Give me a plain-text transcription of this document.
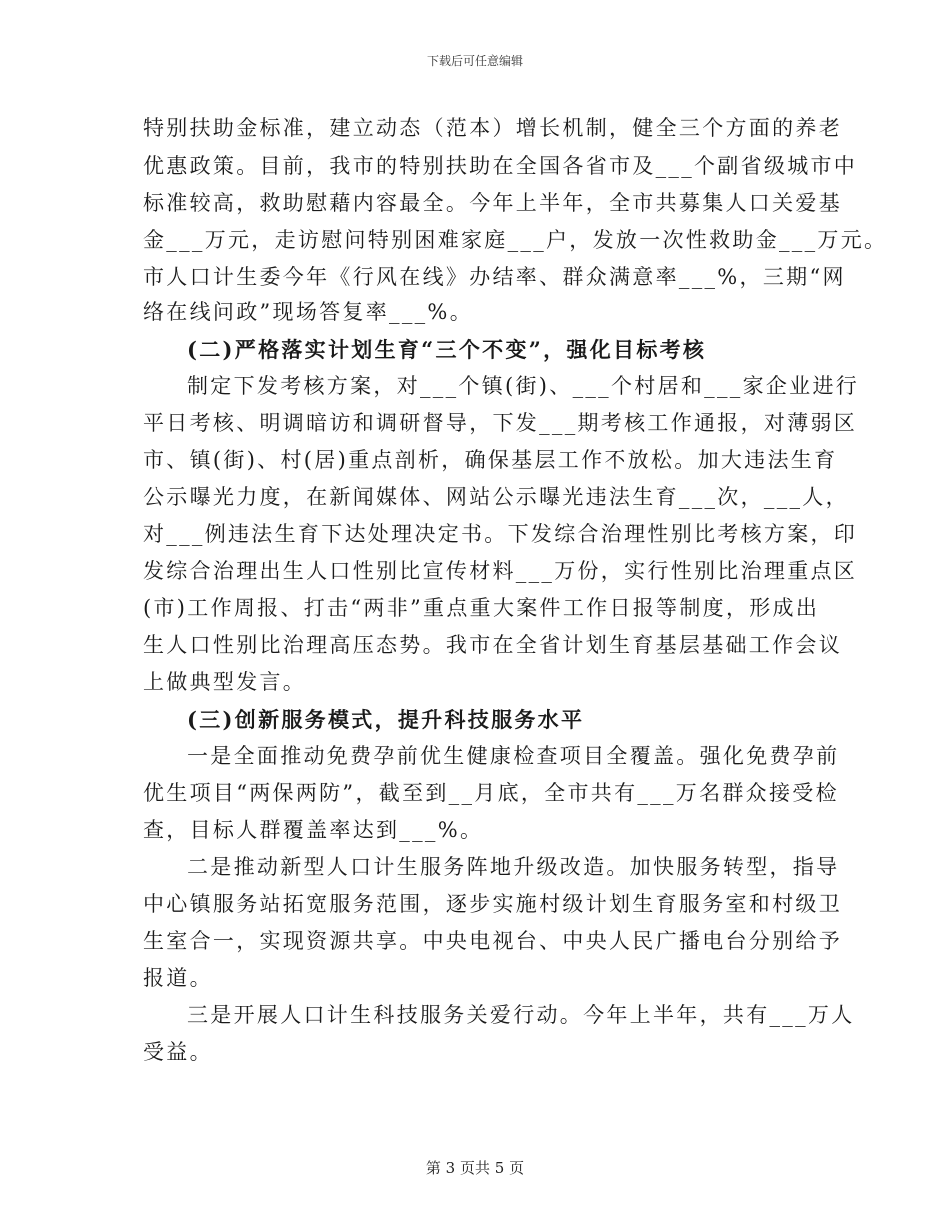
下载后可任意编辑
特别扶助金标准，建立动态（范本）增长机制，健全三个方面的养老
优惠政策。目前，我市的特别扶助在全国各省市及___个副省级城市中
标准较高，救助慰藉内容最全。今年上半年，全市共募集人口关爱基
金___万元，走访慰问特别困难家庭___户，发放一次性救助金___万元。
市人口计生委今年《行风在线》办结率、群众满意率___%，三期“网
络在线问政”现场答复率___%。
(二)严格落实计划生育“三个不变”，强化目标考核
制定下发考核方案，对___个镇(街)、___个村居和___家企业进行
平日考核、明调暗访和调研督导，下发___期考核工作通报，对薄弱区
市、镇(街)、村(居)重点剖析，确保基层工作不放松。加大违法生育
公示曝光力度，在新闻媒体、网站公示曝光违法生育___次，___人，
对___例违法生育下达处理决定书。下发综合治理性别比考核方案，印
发综合治理出生人口性别比宣传材料___万份，实行性别比治理重点区
(市)工作周报、打击“两非”重点重大案件工作日报等制度，形成出
生人口性别比治理高压态势。我市在全省计划生育基层基础工作会议
上做典型发言。
(三)创新服务模式，提升科技服务水平
一是全面推动免费孕前优生健康检查项目全覆盖。强化免费孕前
优生项目“两保两防”，截至到__月底，全市共有___万名群众接受检
查，目标人群覆盖率达到___%。
二是推动新型人口计生服务阵地升级改造。加快服务转型，指导
中心镇服务站拓宽服务范围，逐步实施村级计划生育服务室和村级卫
生室合一，实现资源共享。中央电视台、中央人民广播电台分别给予
报道。
三是开展人口计生科技服务关爱行动。今年上半年，共有___万人
受益。
第 3 页共 5 页
